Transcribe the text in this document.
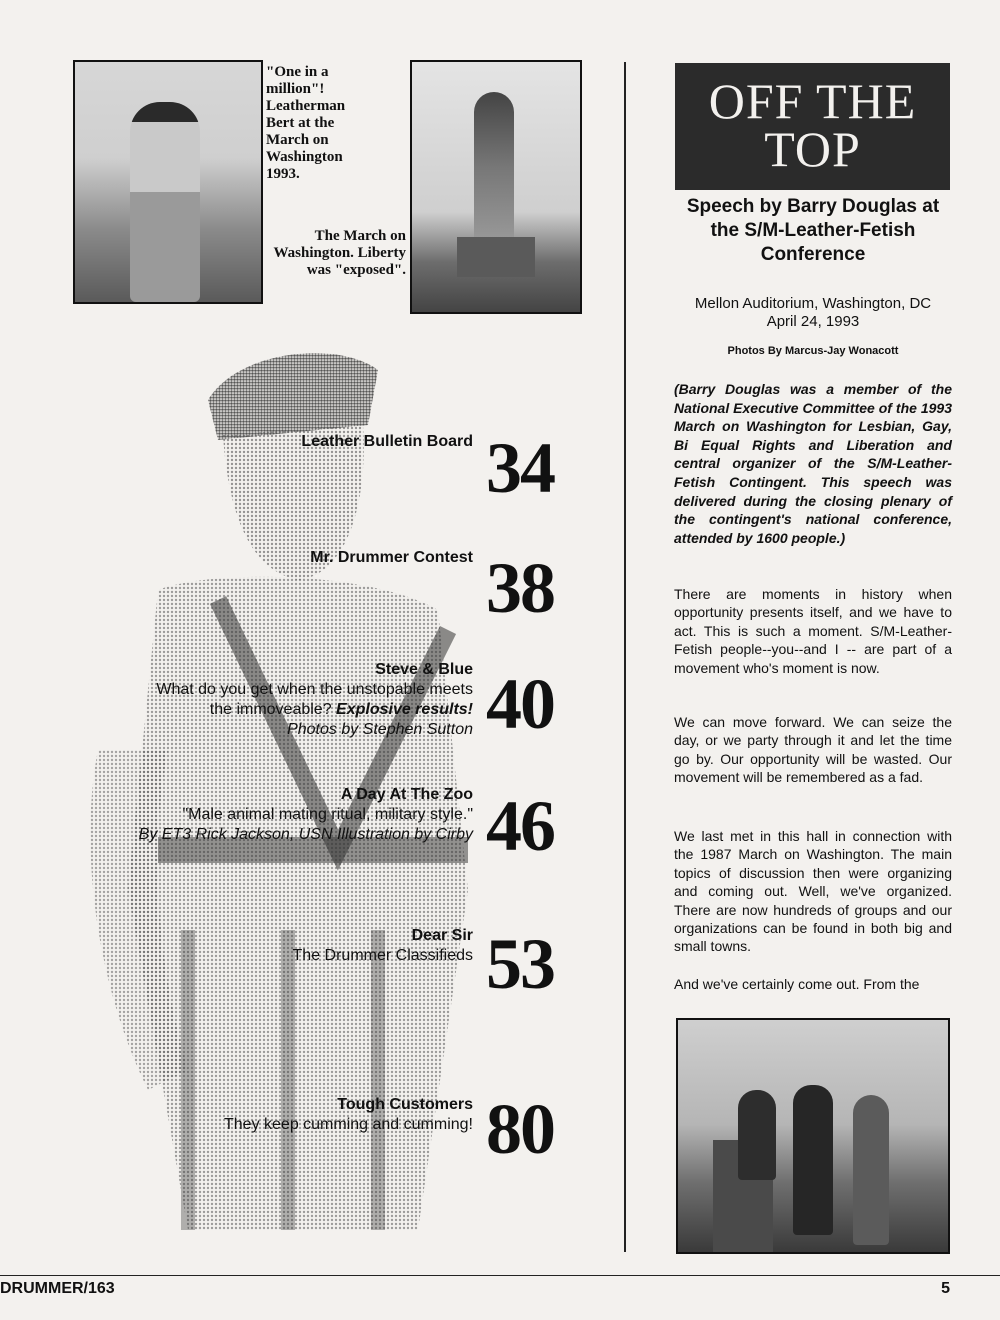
"One in a million"! Leatherman Bert at the March on Washington 1993.
The March on Washington. Liberty was "exposed".
Leather Bulletin Board 34
Mr. Drummer Contest 38
Steve & Blue
What do you get when the unstopable meets
the immoveable? Explosive results!
Photos by Stephen Sutton 40
A Day At The Zoo
"Male animal mating ritual, military style."
By ET3 Rick Jackson, USN Illustration by Cirby 46
Dear Sir
The Drummer Classifieds 53
Tough Customers
They keep cumming and cumming! 80
OFF THE
TOP
Speech by Barry Douglas at the S/M-Leather-Fetish Conference
Mellon Auditorium, Washington, DC
April 24, 1993
Photos By Marcus-Jay Wonacott
(Barry Douglas was a member of the National Executive Committee of the 1993 March on Washington for Lesbian, Gay, Bi Equal Rights and Liberation and central organizer of the S/M-Leather-Fetish Contingent. This speech was delivered during the closing plenary of the contingent's national conference, attended by 1600 people.)
There are moments in history when opportunity presents itself, and we have to act. This is such a moment. S/M-Leather-Fetish people--you--and I -- are part of a movement who's moment is now.
We can move forward. We can seize the day, or we party through it and let the time go by. Our opportunity will be wasted. Our movement will be remembered as a fad.
We last met in this hall in connection with the 1987 March on Washington. The main topics of discussion then were organizing and coming out. Well, we've organized. There are now hundreds of groups and our organizations can be found in both big and small towns.
And we've certainly come out. From the
DRUMMER/163	5
